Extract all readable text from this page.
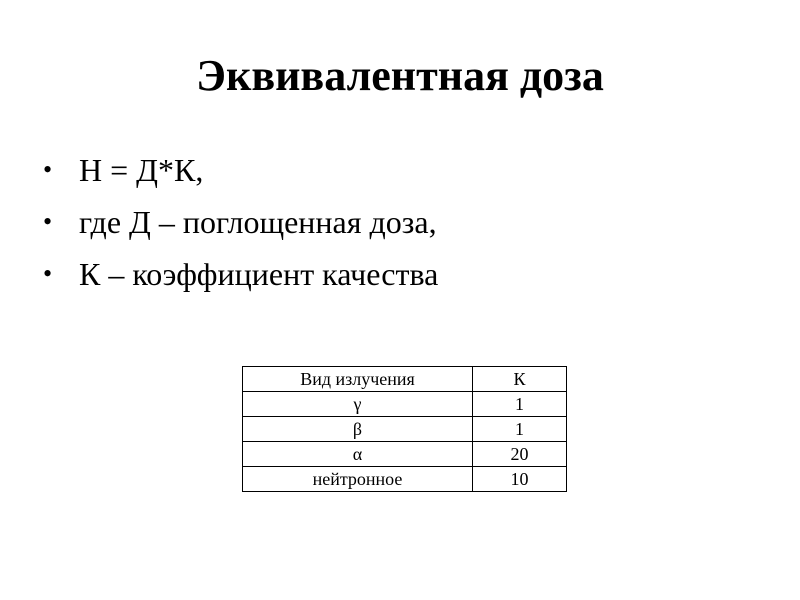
Эквивалентная доза
• Н = Д*К,
• где Д – поглощенная доза,
• К – коэффициент качества
Вид излучения	К
γ	1
β	1
α	20
нейтронное	10
